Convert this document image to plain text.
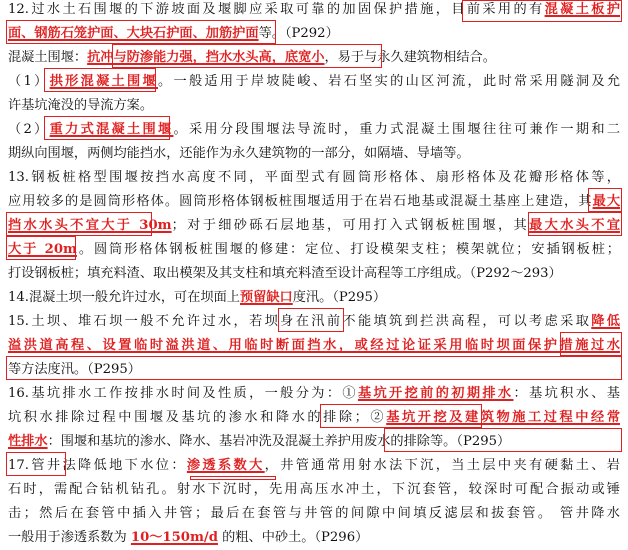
12.过水土石围堰的下游坡面及堰脚应采取可靠的加固保护措施，目前采用的有混凝土板护
面、钢筋石笼护面、大块石护面、加筋护面等。（P292）
混凝土围堰：抗冲与防渗能力强，挡水水头高，底宽小，易于与永久建筑物相结合。
（1）拱形混凝土围堰。一般适用于岸坡陡峻、岩石坚实的山区河流，此时常采用隧洞及允
许基坑淹没的导流方案。
（2）重力式混凝土围堰。采用分段围堰法导流时，重力式混凝土围堰往往可兼作一期和二
期纵向围堰，两侧均能挡水，还能作为永久建筑物的一部分，如隔墙、导墙等。
13.钢板桩格型围堰按挡水高度不同，平面型式有圆筒形格体、扇形格体及花瓣形格体等，
应用较多的是圆筒形格体。圆筒形格体钢板桩围堰适用于在岩石地基或混凝土基座上建造，其最大
挡水水头不宜大于 30m；对于细砂砾石层地基，可用打入式钢板桩围堰，其最大水头不宜
大于 20m。圆筒形格体钢板桩围堰的修建：定位、打设模架支柱；模架就位；安插钢板桩；
打设钢板桩；填充料渣、取出模架及其支柱和填充料渣至设计高程等工序组成。（P292～293）
14.混凝土坝一般允许过水，可在坝面上预留缺口度汛。（P295）
15.土坝、堆石坝一般不允许过水，若坝身在汛前不能填筑到拦洪高程，可以考虑采取降低
溢洪道高程、设置临时溢洪道、用临时断面挡水，或经过论证采用临时坝面保护措施过水
等方法度汛。（P295）
16.基坑排水工作按排水时间及性质，一般分为：①基坑开挖前的初期排水：基坑积水、基
坑积水排除过程中围堰及基坑的渗水和降水的排除；②基坑开挖及建筑物施工过程中经常
性排水：围堰和基坑的渗水、降水、基岩冲洗及混凝土养护用废水的排除等。（P295）
17.管井法降低地下水位：渗透系数大，井管通常用射水法下沉，当土层中夹有硬黏土、岩
石时，需配合钻机钻孔。射水下沉时，先用高压水冲土，下沉套管，较深时可配合振动或锤
击；然后在套管中插入井管；最后在套管与井管的间隙中间填反滤层和拔套管。 管井降水
一般用于渗透系数为 10～150m/d 的粗、中砂土。（P296）
